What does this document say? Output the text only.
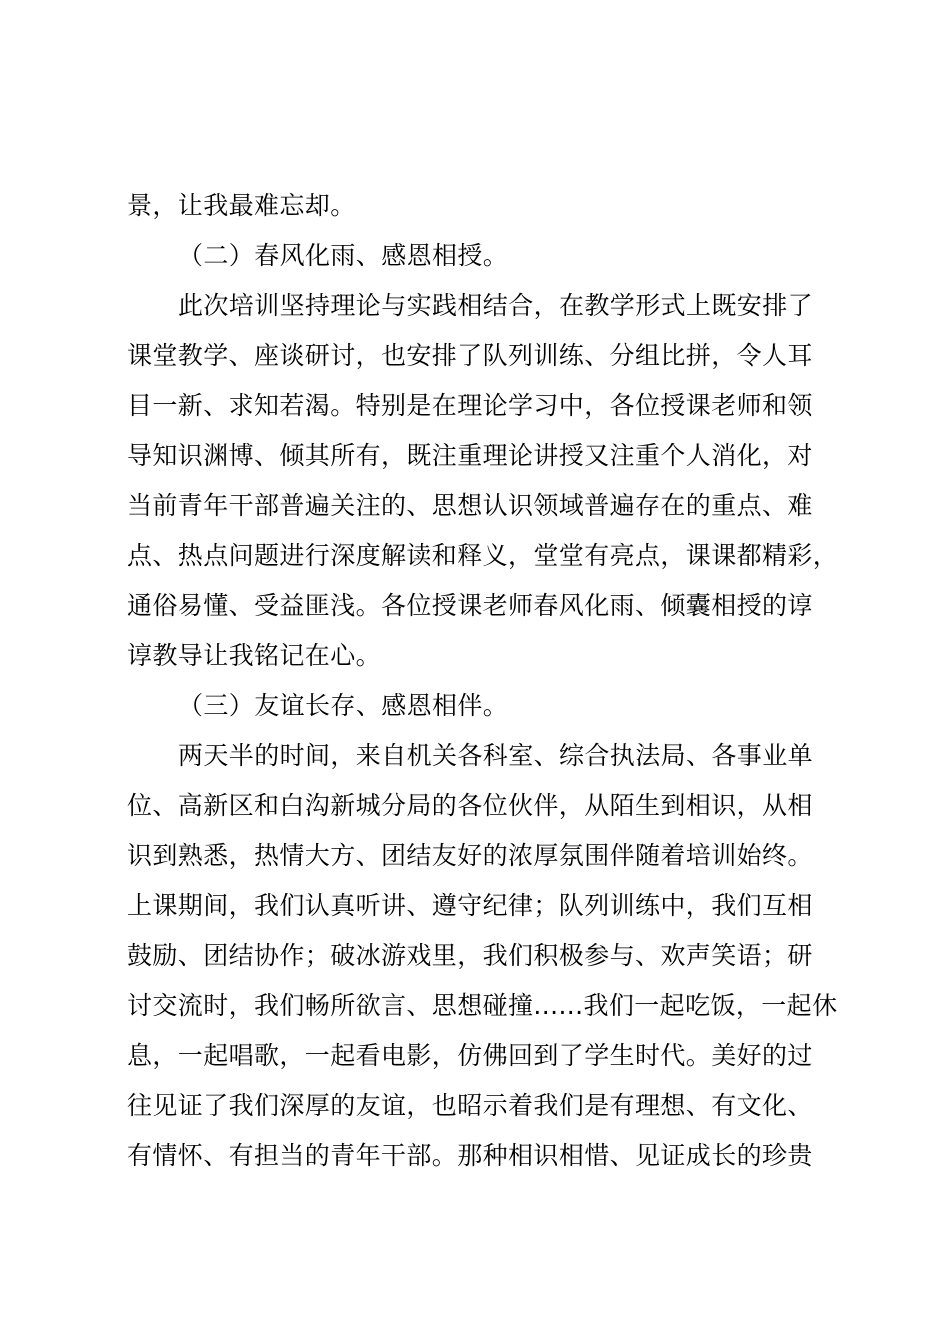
景，让我最难忘却。
（二）春风化雨、感恩相授。
此次培训坚持理论与实践相结合，在教学形式上既安排了
课堂教学、座谈研讨，也安排了队列训练、分组比拼，令人耳
目一新、求知若渴。特别是在理论学习中，各位授课老师和领
导知识渊博、倾其所有，既注重理论讲授又注重个人消化，对
当前青年干部普遍关注的、思想认识领域普遍存在的重点、难
点、热点问题进行深度解读和释义，堂堂有亮点，课课都精彩，
通俗易懂、受益匪浅。各位授课老师春风化雨、倾囊相授的谆
谆教导让我铭记在心。
（三）友谊长存、感恩相伴。
两天半的时间，来自机关各科室、综合执法局、各事业单
位、高新区和白沟新城分局的各位伙伴，从陌生到相识，从相
识到熟悉，热情大方、团结友好的浓厚氛围伴随着培训始终。
上课期间，我们认真听讲、遵守纪律；队列训练中，我们互相
鼓励、团结协作；破冰游戏里，我们积极参与、欢声笑语；研
讨交流时，我们畅所欲言、思想碰撞......我们一起吃饭，一起休
息，一起唱歌，一起看电影，仿佛回到了学生时代。美好的过
往见证了我们深厚的友谊，也昭示着我们是有理想、有文化、
有情怀、有担当的青年干部。那种相识相惜、见证成长的珍贵
